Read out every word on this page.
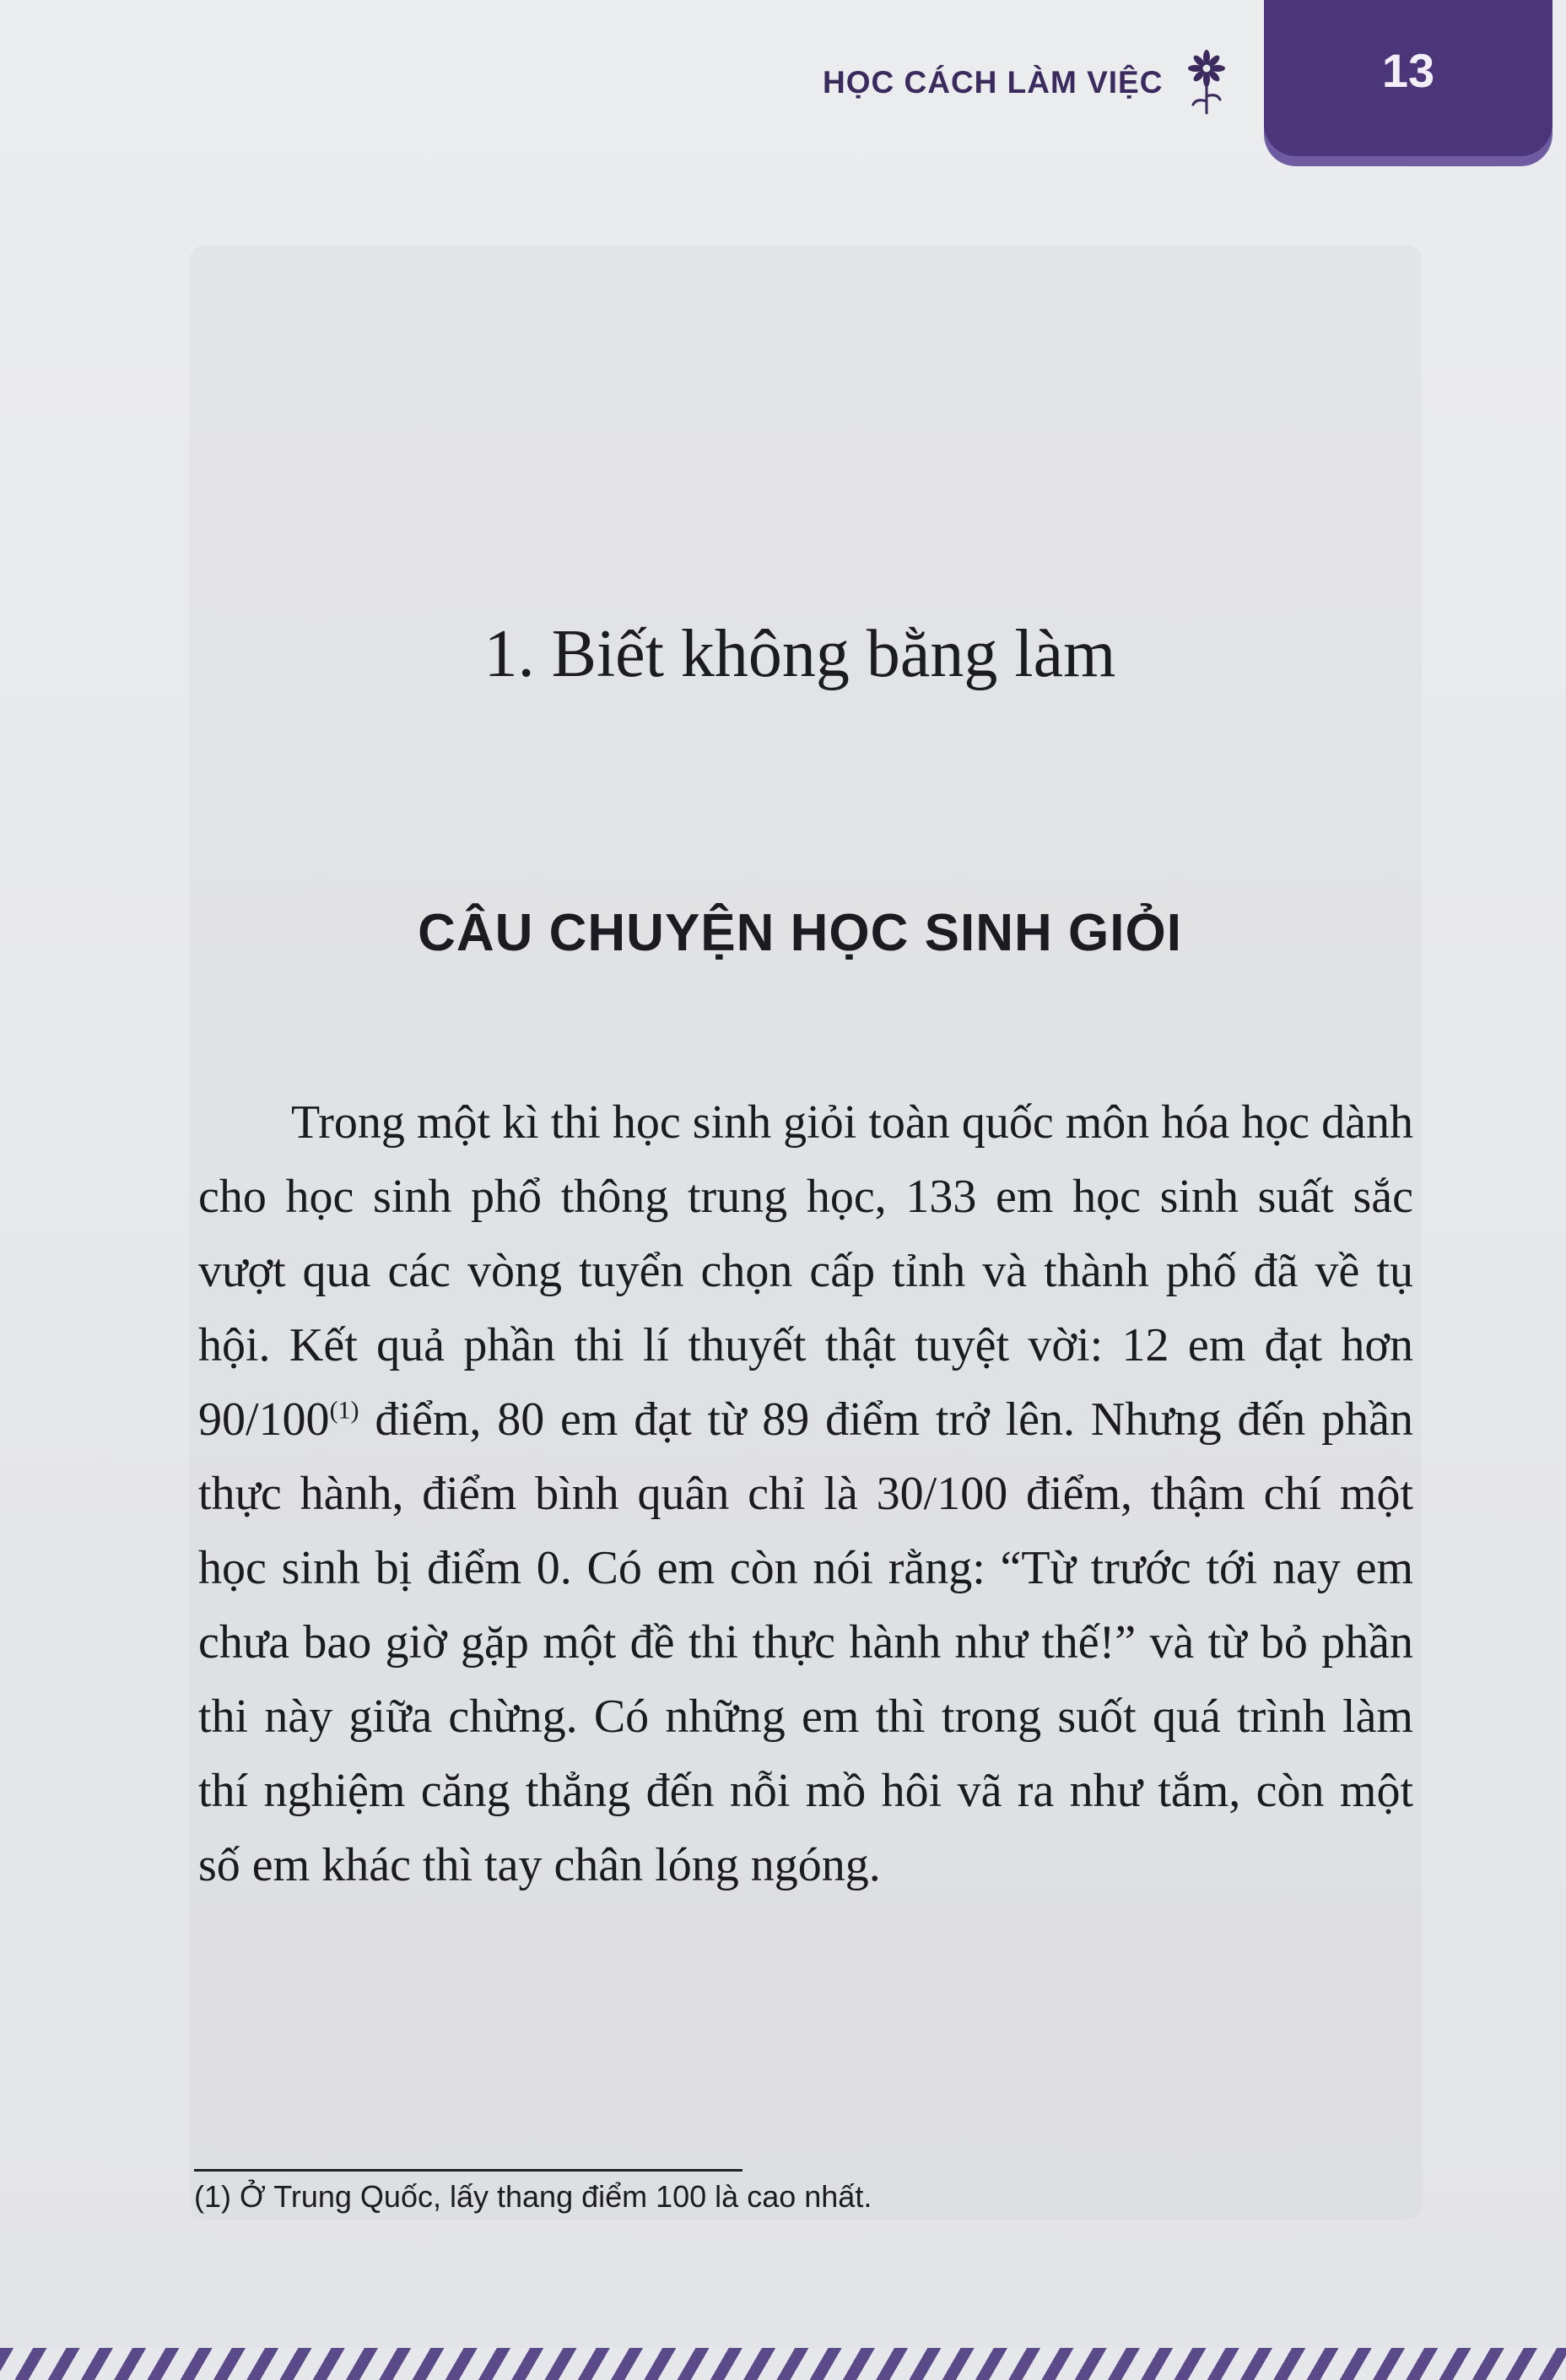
HỌC CÁCH LÀM VIỆC	13
1. Biết không bằng làm
CÂU CHUYỆN HỌC SINH GIỎI

Trong một kì thi học sinh giỏi toàn quốc môn hóa học dành cho học sinh phổ thông trung học, 133 em học sinh suất sắc vượt qua các vòng tuyển chọn cấp tỉnh và thành phố đã về tụ hội. Kết quả phần thi lí thuyết thật tuyệt vời: 12 em đạt hơn 90/100$^{(1)}$ điểm, 80 em đạt từ 89 điểm trở lên. Nhưng đến phần thực hành, điểm bình quân chỉ là 30/100 điểm, thậm chí một học sinh bị điểm 0. Có em còn nói rằng: “Từ trước tới nay em chưa bao giờ gặp một đề thi thực hành như thế!” và từ bỏ phần thi này giữa chừng. Có những em thì trong suốt quá trình làm thí nghiệm căng thẳng đến nỗi mồ hôi vã ra như tắm, còn một số em khác thì tay chân lóng ngóng.

(1) Ở Trung Quốc, lấy thang điểm 100 là cao nhất.
